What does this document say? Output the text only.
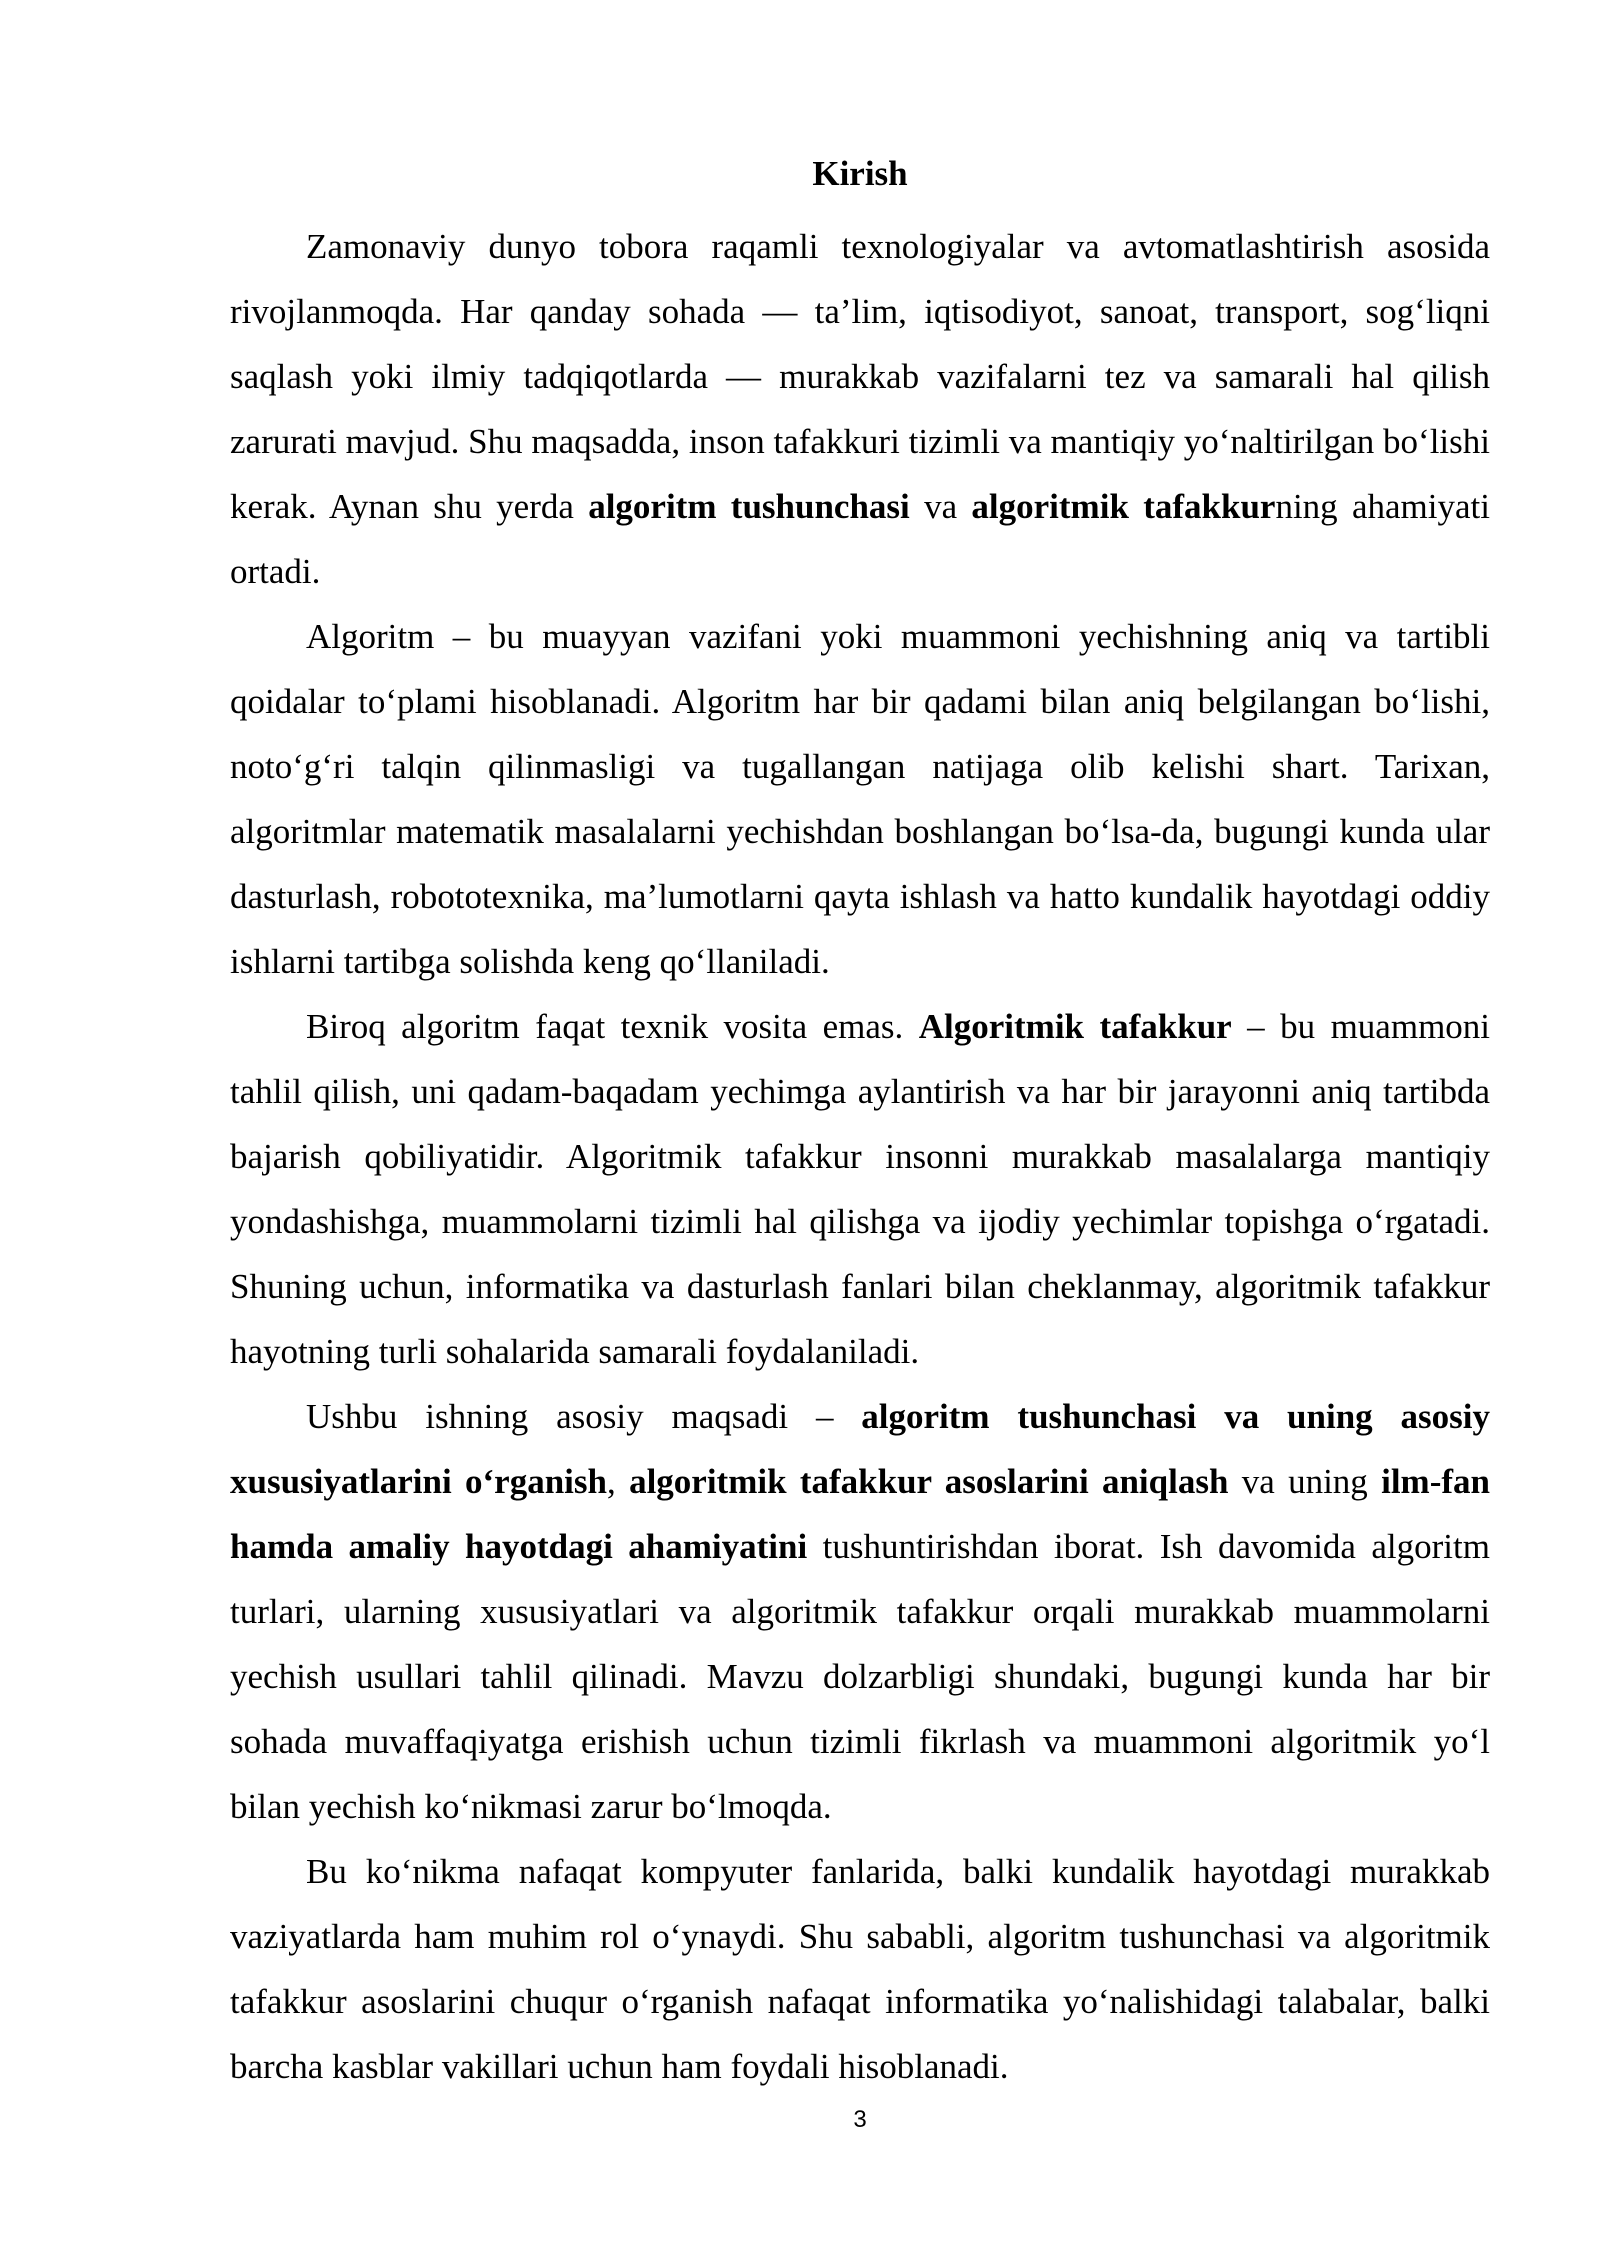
Kirish

Zamonaviy dunyo tobora raqamli texnologiyalar va avtomatlashtirish asosida rivojlanmoqda. Har qanday sohada — ta’lim, iqtisodiyot, sanoat, transport, sog‘liqni saqlash yoki ilmiy tadqiqotlarda — murakkab vazifalarni tez va samarali hal qilish zarurati mavjud. Shu maqsadda, inson tafakkuri tizimli va mantiqiy yo‘naltirilgan bo‘lishi kerak. Aynan shu yerda algoritm tushunchasi va algoritmik tafakkurning ahamiyati ortadi.

Algoritm – bu muayyan vazifani yoki muammoni yechishning aniq va tartibli qoidalar to‘plami hisoblanadi. Algoritm har bir qadami bilan aniq belgilangan bo‘lishi, noto‘g‘ri talqin qilinmasligi va tugallangan natijaga olib kelishi shart. Tarixan, algoritmlar matematik masalalarni yechishdan boshlangan bo‘lsa-da, bugungi kunda ular dasturlash, robototexnika, ma’lumotlarni qayta ishlash va hatto kundalik hayotdagi oddiy ishlarni tartibga solishda keng qo‘llaniladi.

Biroq algoritm faqat texnik vosita emas. Algoritmik tafakkur – bu muammoni tahlil qilish, uni qadam-baqadam yechimga aylantirish va har bir jarayonni aniq tartibda bajarish qobiliyatidir. Algoritmik tafakkur insonni murakkab masalalarga mantiqiy yondashishga, muammolarni tizimli hal qilishga va ijodiy yechimlar topishga o‘rgatadi. Shuning uchun, informatika va dasturlash fanlari bilan cheklanmay, algoritmik tafakkur hayotning turli sohalarida samarali foydalaniladi.

Ushbu ishning asosiy maqsadi – algoritm tushunchasi va uning asosiy xususiyatlarini o‘rganish, algoritmik tafakkur asoslarini aniqlash va uning ilm-fan hamda amaliy hayotdagi ahamiyatini tushuntirishdan iborat. Ish davomida algoritm turlari, ularning xususiyatlari va algoritmik tafakkur orqali murakkab muammolarni yechish usullari tahlil qilinadi. Mavzu dolzarbligi shundaki, bugungi kunda har bir sohada muvaffaqiyatga erishish uchun tizimli fikrlash va muammoni algoritmik yo‘l bilan yechish ko‘nikmasi zarur bo‘lmoqda.

Bu ko‘nikma nafaqat kompyuter fanlarida, balki kundalik hayotdagi murakkab vaziyatlarda ham muhim rol o‘ynaydi. Shu sababli, algoritm tushunchasi va algoritmik tafakkur asoslarini chuqur o‘rganish nafaqat informatika yo‘nalishidagi talabalar, balki barcha kasblar vakillari uchun ham foydali hisoblanadi.

3
